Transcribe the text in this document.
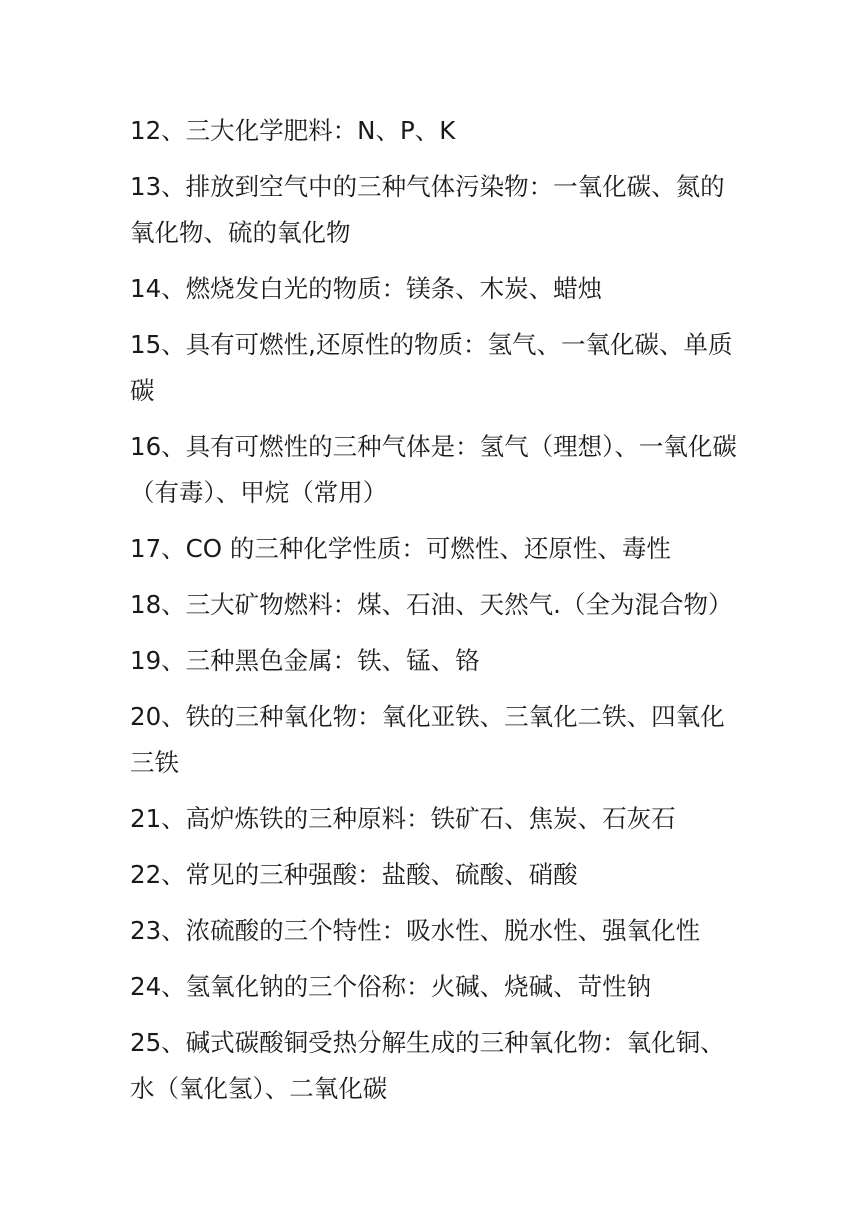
12、三大化学肥料：N、P、K

13、排放到空气中的三种气体污染物：一氧化碳、氮的氧化物、硫的氧化物

14、燃烧发白光的物质：镁条、木炭、蜡烛

15、具有可燃性,还原性的物质：氢气、一氧化碳、单质碳

16、具有可燃性的三种气体是：氢气（理想）、一氧化碳（有毒）、甲烷（常用）

17、CO 的三种化学性质：可燃性、还原性、毒性

18、三大矿物燃料：煤、石油、天然气.（全为混合物）

19、三种黑色金属：铁、锰、铬

20、铁的三种氧化物：氧化亚铁、三氧化二铁、四氧化三铁

21、高炉炼铁的三种原料：铁矿石、焦炭、石灰石

22、常见的三种强酸：盐酸、硫酸、硝酸

23、浓硫酸的三个特性：吸水性、脱水性、强氧化性

24、氢氧化钠的三个俗称：火碱、烧碱、苛性钠

25、碱式碳酸铜受热分解生成的三种氧化物：氧化铜、水（氧化氢）、二氧化碳
